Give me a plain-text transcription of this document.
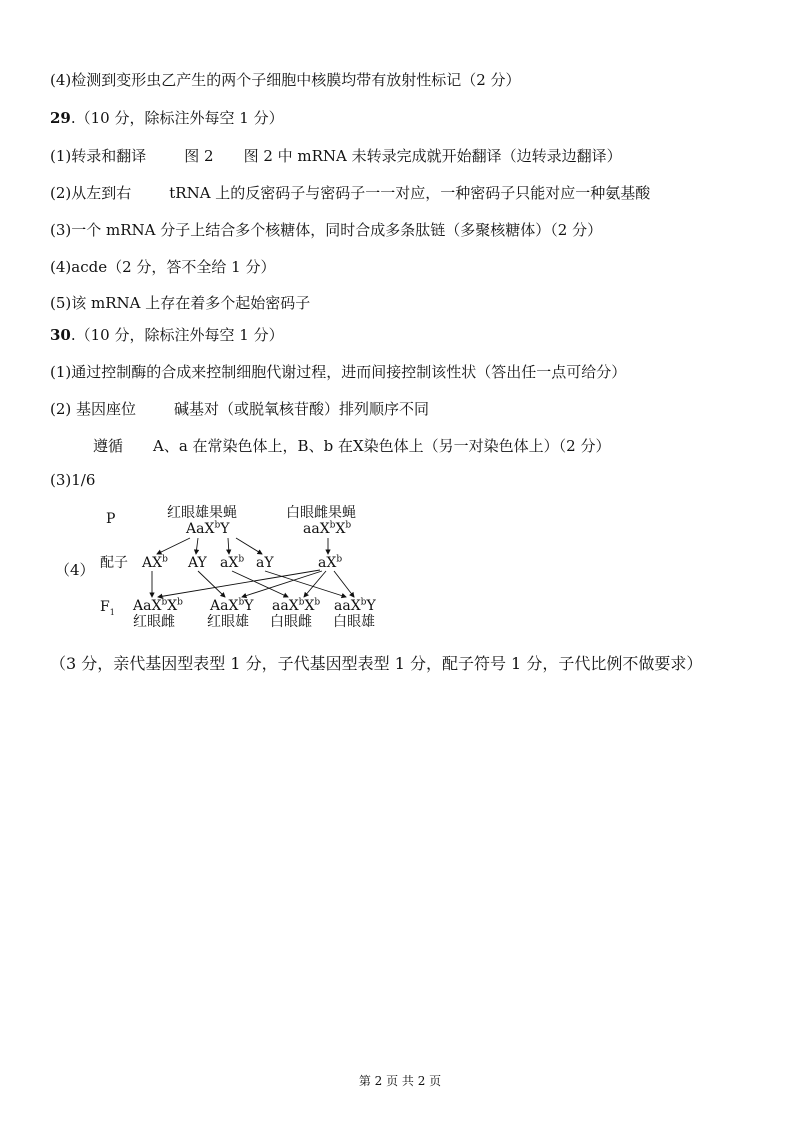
(4)检测到变形虫乙产生的两个子细胞中核膜均带有放射性标记（2 分）
29.（10 分，除标注外每空 1 分）
(1)转录和翻译	图 2 图 2 中 mRNA 未转录完成就开始翻译（边转录边翻译）
(2)从左到右	tRNA 上的反密码子与密码子一一对应，一种密码子只能对应一种氨基酸
(3)一个 mRNA 分子上结合多个核糖体，同时合成多条肽链（多聚核糖体）（2 分）
(4)acde（2 分，答不全给 1 分）
(5)该 mRNA 上存在着多个起始密码子
30.（10 分，除标注外每空 1 分）
(1)通过控制酶的合成来控制细胞代谢过程，进而间接控制该性状（答出任一点可给分）
(2) 基因座位	碱基对（或脱氧核苷酸）排列顺序不同
遵循 A、a 在常染色体上，B、b 在X染色体上（另一对染色体上）（2 分）
(3)1/6
P	红眼雄果蝇
AaX$^b$Y
白眼雌果蝇
$aaX^bX^b$
（4） 配子 $AX^b$ AY $aX^b$ aY	$aX^b$
$F_1$ $AaX^bX^b$
红眼雌
AaX$^b$Y
红眼雄
$aaX^bX^b$
白眼雌
aaX$^b$Y
白眼雄
（3 分，亲代基因型表型 1 分，子代基因型表型 1 分，配子符号 1 分，子代比例不做要求）
第 2 页 共 2 页
